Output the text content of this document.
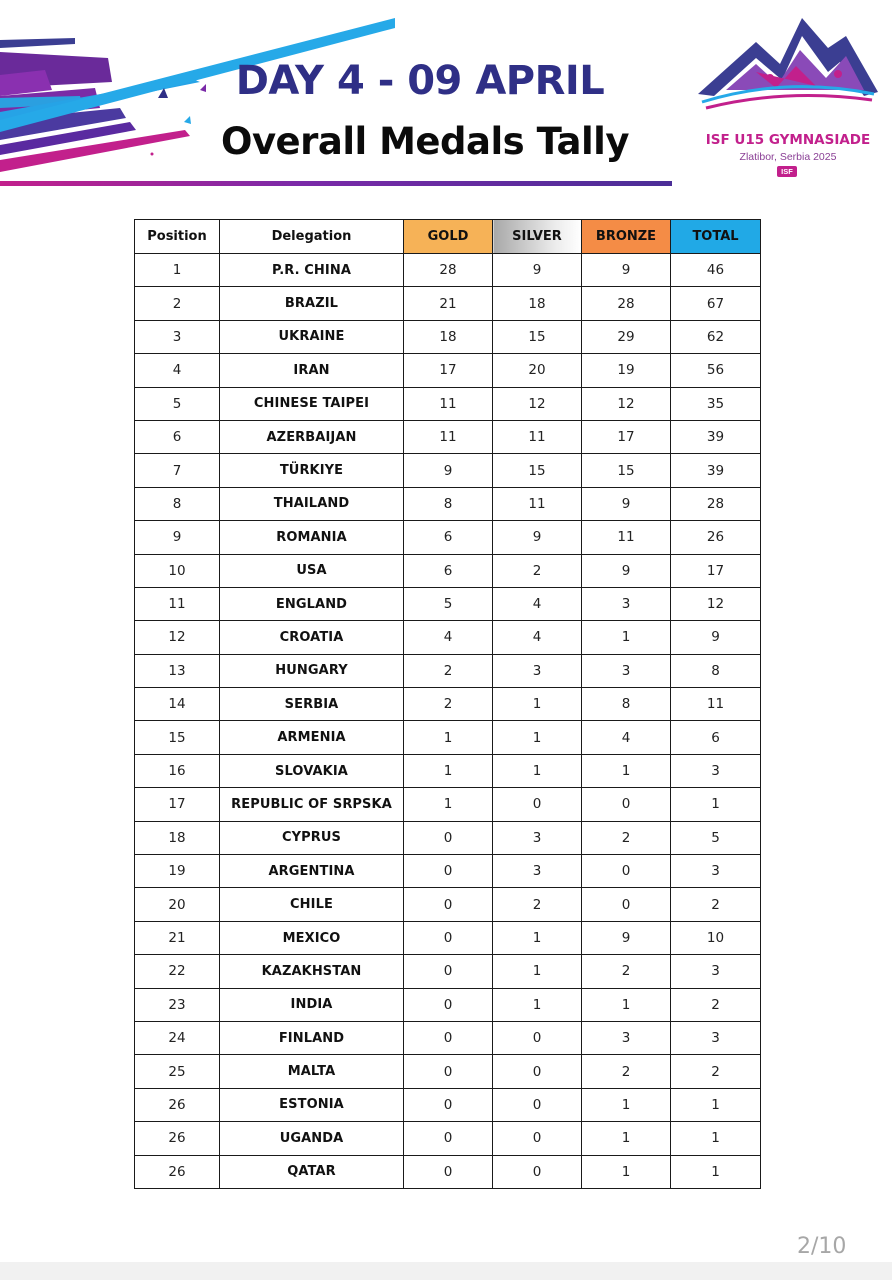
DAY 4 - 09 APRIL
Overall Medals Tally	ISF U15 GYMNASIADE
Zlatibor, Serbia 2025
ISF
Position	Delegation	GOLD	SILVER	BRONZE	TOTAL
1	P.R. CHINA	28	9	9	46
2	BRAZIL	21	18	28	67
3	UKRAINE	18	15	29	62
4	IRAN	17	20	19	56
5	CHINESE TAIPEI	11	12	12	35
6	AZERBAIJAN	11	11	17	39
7	TÜRKIYE	9	15	15	39
8	THAILAND	8	11	9	28
9	ROMANIA	6	9	11	26
10	USA	6	2	9	17
11	ENGLAND	5	4	3	12
12	CROATIA	4	4	1	9
13	HUNGARY	2	3	3	8
14	SERBIA	2	1	8	11
15	ARMENIA	1	1	4	6
16	SLOVAKIA	1	1	1	3
17	REPUBLIC OF SRPSKA	1	0	0	1
18	CYPRUS	0	3	2	5
19	ARGENTINA	0	3	0	3
20	CHILE	0	2	0	2
21	MEXICO	0	1	9	10
22	KAZAKHSTAN	0	1	2	3
23	INDIA	0	1	1	2
24	FINLAND	0	0	3	3
25	MALTA	0	0	2	2
26	ESTONIA	0	0	1	1
26	UGANDA	0	0	1	1
26	QATAR	0	0	1	1
2/10
